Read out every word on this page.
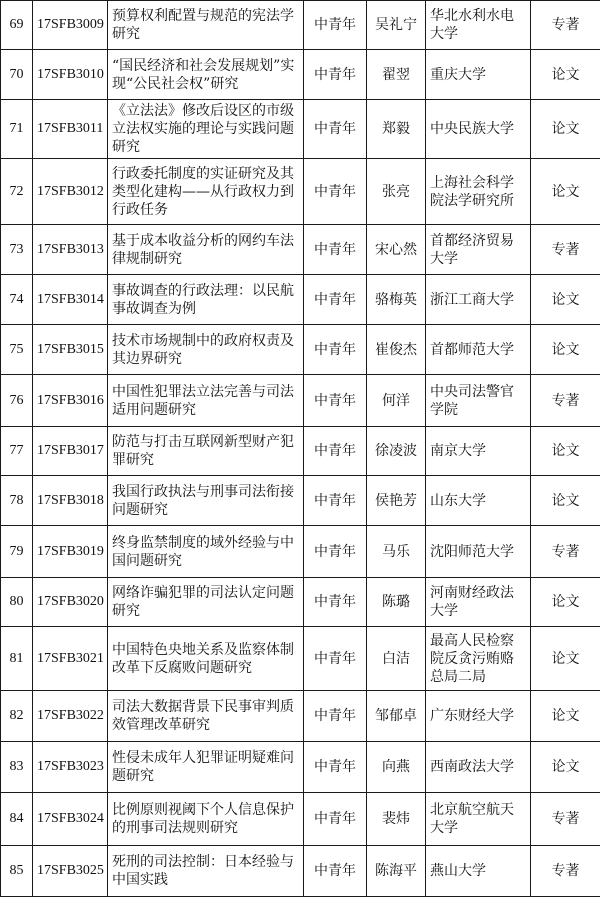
69	17SFB3009	预算权利配置与规范的宪法学研究	中青年	吴礼宁	华北水利水电大学	专著
70	17SFB3010	“国民经济和社会发展规划”实现“公民社会权”研究	中青年	翟翌	重庆大学	论文
71	17SFB3011	《立法法》修改后设区的市级立法权实施的理论与实践问题研究	中青年	郑毅	中央民族大学	论文
72	17SFB3012	行政委托制度的实证研究及其类型化建构——从行政权力到行政任务	中青年	张亮	上海社会科学院法学研究所	论文
73	17SFB3013	基于成本收益分析的网约车法律规制研究	中青年	宋心然	首都经济贸易大学	专著
74	17SFB3014	事故调查的行政法理：以民航事故调查为例	中青年	骆梅英	浙江工商大学	论文
75	17SFB3015	技术市场规制中的政府权责及其边界研究	中青年	崔俊杰	首都师范大学	论文
76	17SFB3016	中国性犯罪法立法完善与司法适用问题研究	中青年	何洋	中央司法警官学院	专著
77	17SFB3017	防范与打击互联网新型财产犯罪研究	中青年	徐凌波	南京大学	论文
78	17SFB3018	我国行政执法与刑事司法衔接问题研究	中青年	侯艳芳	山东大学	论文
79	17SFB3019	终身监禁制度的域外经验与中国问题研究	中青年	马乐	沈阳师范大学	专著
80	17SFB3020	网络诈骗犯罪的司法认定问题研究	中青年	陈璐	河南财经政法大学	论文
81	17SFB3021	中国特色央地关系及监察体制改革下反腐败问题研究	中青年	白洁	最高人民检察院反贪污贿赂总局二局	论文
82	17SFB3022	司法大数据背景下民事审判质效管理改革研究	中青年	邹郁卓	广东财经大学	论文
83	17SFB3023	性侵未成年人犯罪证明疑难问题研究	中青年	向燕	西南政法大学	论文
84	17SFB3024	比例原则视阈下个人信息保护的刑事司法规则研究	中青年	裴炜	北京航空航天大学	专著
85	17SFB3025	死刑的司法控制：日本经验与中国实践	中青年	陈海平	燕山大学	专著
